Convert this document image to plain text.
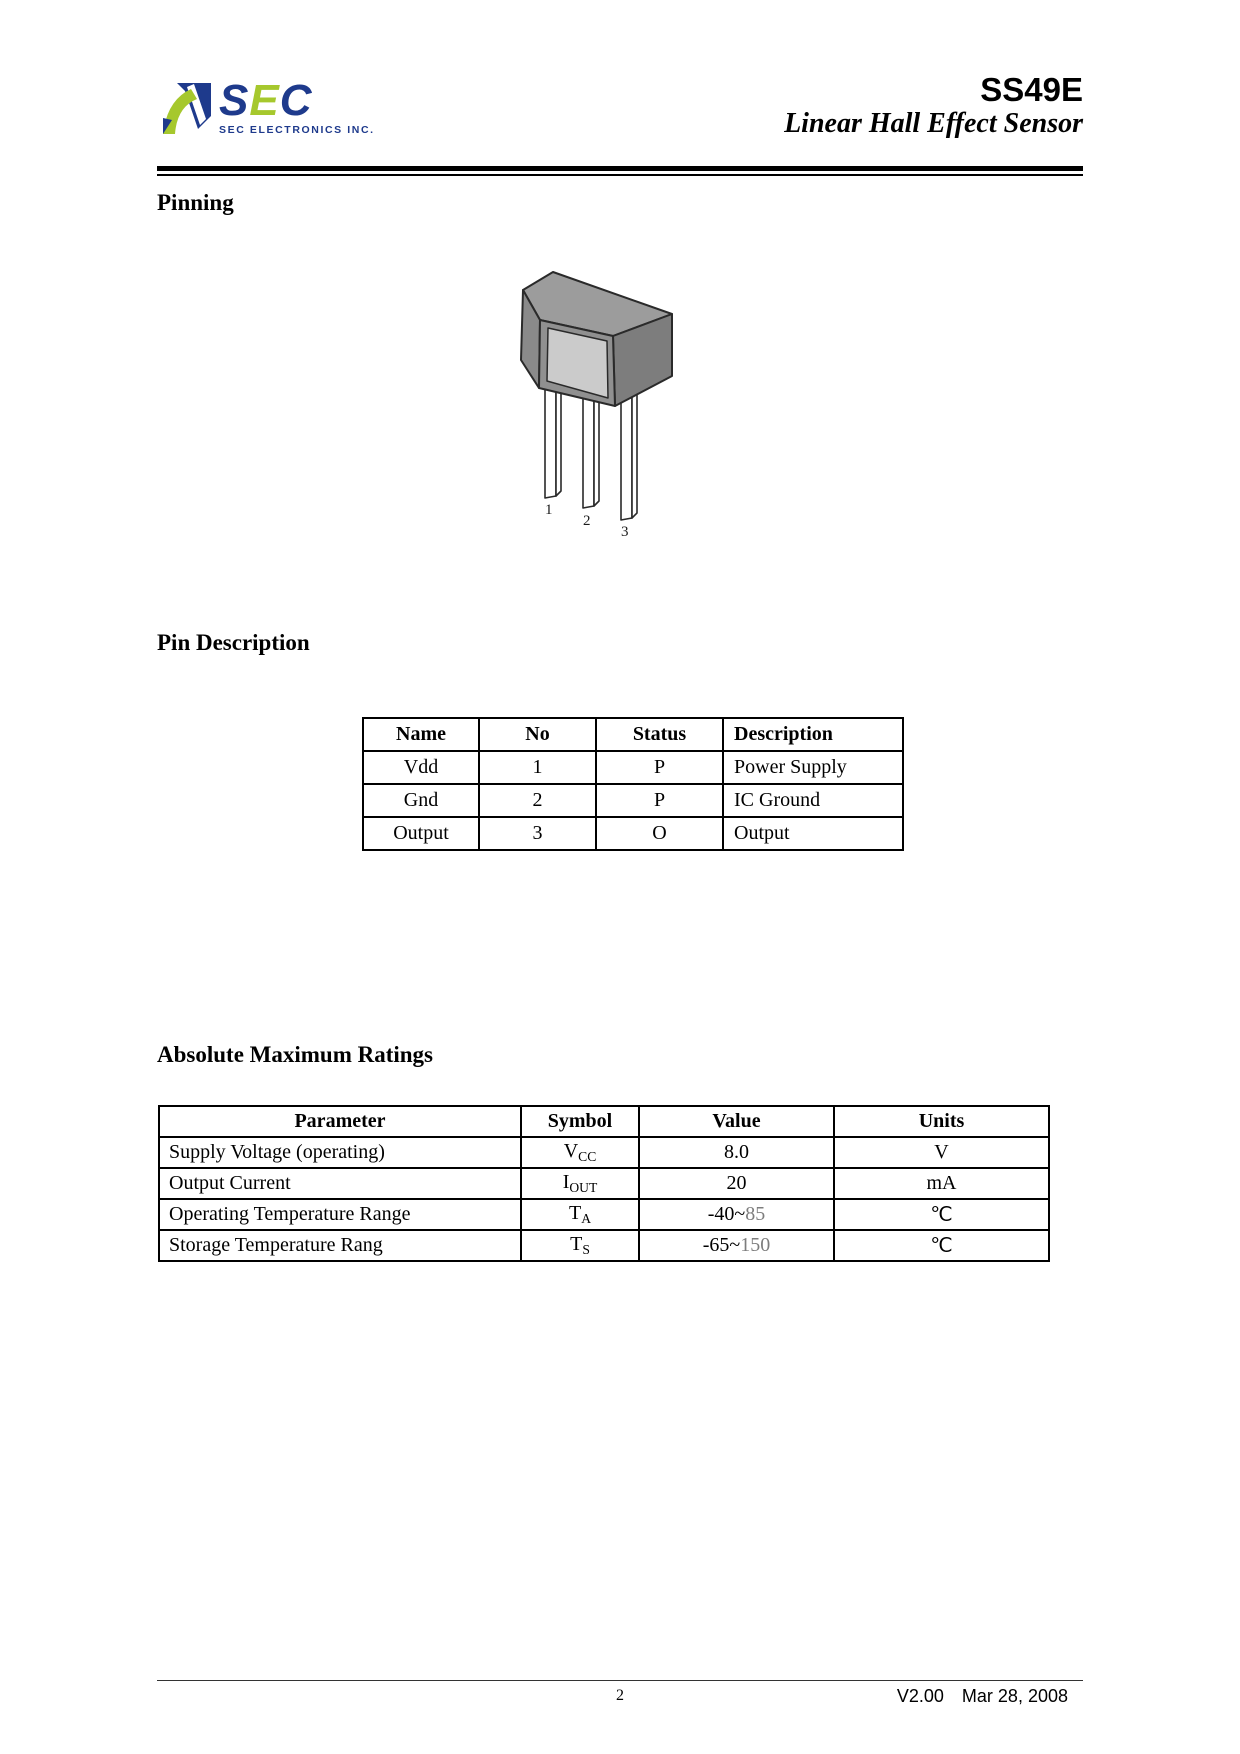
SEC
SEC ELECTRONICS INC.
SS49E
Linear Hall Effect Sensor
Pinning
1
2
3
Pin Description
Name	No	Status	Description
Vdd	1	P	Power Supply
Gnd	2	P	IC Ground
Output	3	O	Output
Absolute Maximum Ratings
Parameter	Symbol	Value	Units
Supply Voltage (operating)	$V_{CC}$	8.0	V
Output Current	$I_{OUT}$	20	mA
Operating Temperature Range	$T_A$	-40~85	℃
Storage Temperature Rang	$T_S$	-65~150	℃
2	V2.00 Mar 28, 2008
